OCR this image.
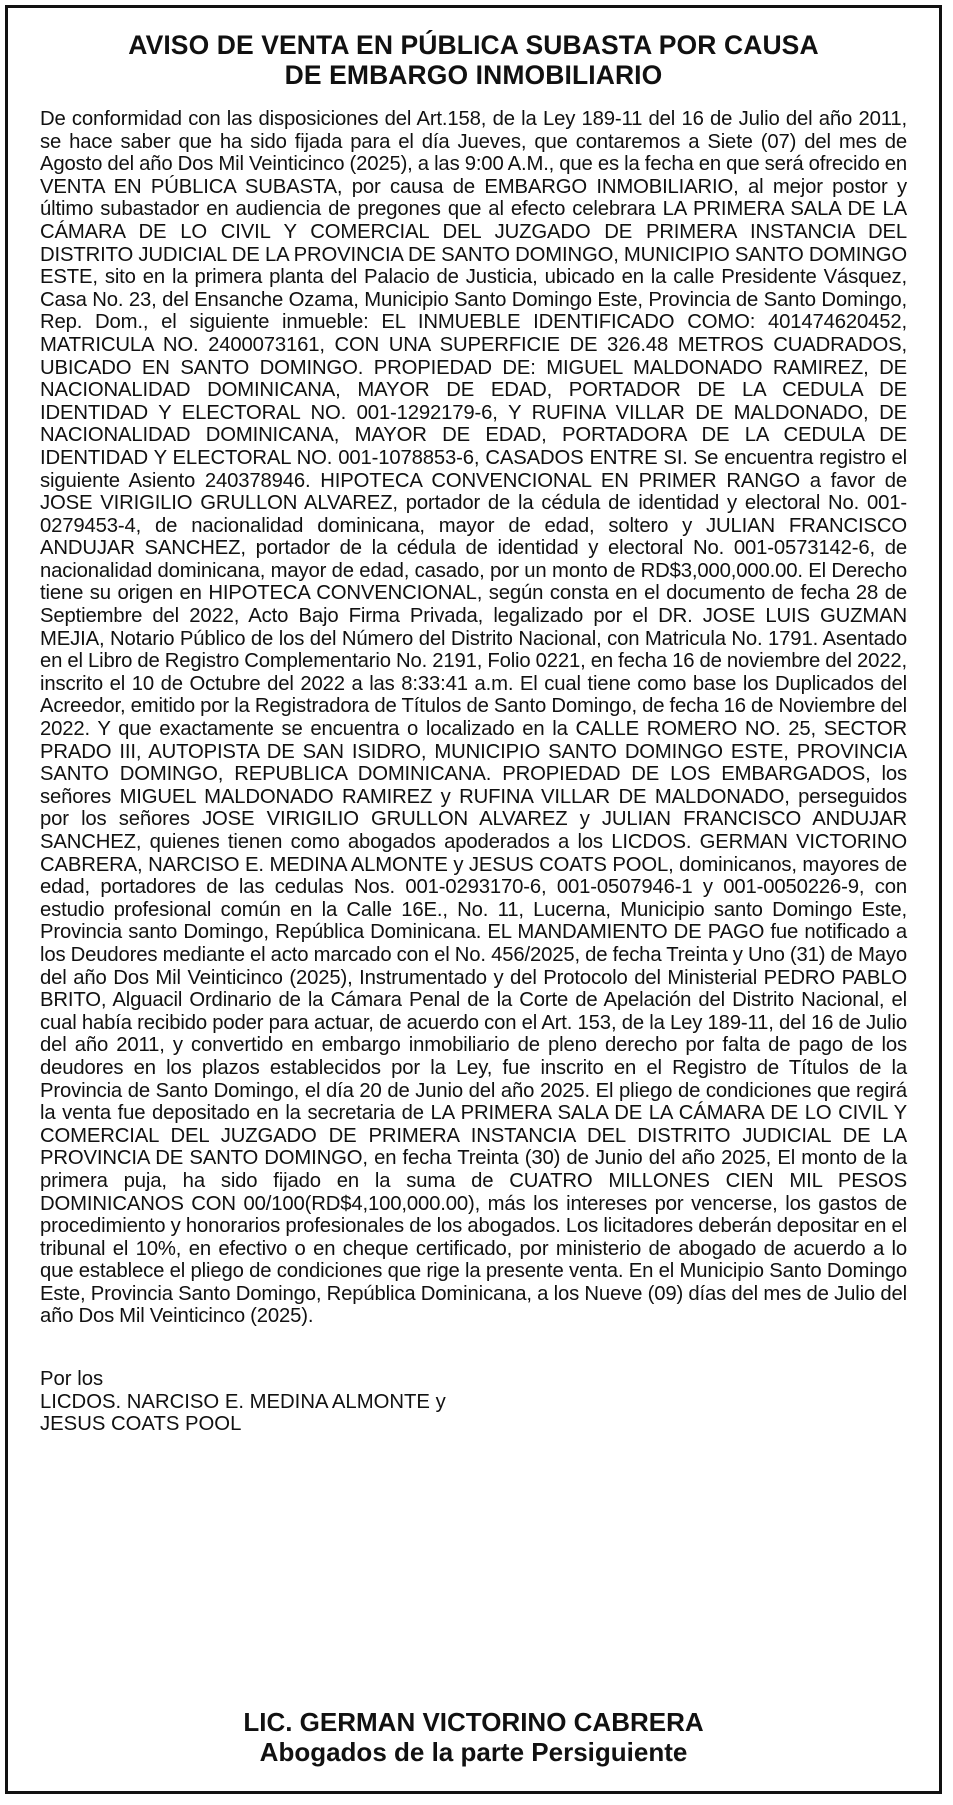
AVISO DE VENTA EN PÚBLICA SUBASTA POR CAUSA
DE EMBARGO INMOBILIARIO

De conformidad con las disposiciones del Art.158, de la Ley 189-11 del 16 de Julio del año 2011, se hace saber que ha sido fijada para el día Jueves, que contaremos a Siete (07) del mes de Agosto del año Dos Mil Veinticinco (2025), a las 9:00 A.M., que es la fecha en que será ofrecido en VENTA EN PÚBLICA SUBASTA, por causa de EMBARGO INMOBILIARIO, al mejor postor y último subastador en audiencia de pregones que al efecto celebrara LA PRIMERA SALA DE LA CÁMARA DE LO CIVIL Y COMERCIAL DEL JUZGADO DE PRIMERA INSTANCIA DEL DISTRITO JUDICIAL DE LA PROVINCIA DE SANTO DOMINGO, MUNICIPIO SANTO DOMINGO ESTE, sito en la primera planta del Palacio de Justicia, ubicado en la calle Presidente Vásquez, Casa No. 23, del Ensanche Ozama, Municipio Santo Domingo Este, Provincia de Santo Domingo, Rep. Dom., el siguiente inmueble: EL INMUEBLE IDENTIFICADO COMO: 401474620452, MATRICULA NO. 2400073161, CON UNA SUPERFICIE DE 326.48 METROS CUADRADOS, UBICADO EN SANTO DOMINGO. PROPIEDAD DE: MIGUEL MALDONADO RAMIREZ, DE NACIONALIDAD DOMINICANA, MAYOR DE EDAD, PORTADOR DE LA CEDULA DE IDENTIDAD Y ELECTORAL NO. 001-1292179-6, Y RUFINA VILLAR DE MALDONADO, DE NACIONALIDAD DOMINICANA, MAYOR DE EDAD, PORTADORA DE LA CEDULA DE IDENTIDAD Y ELECTORAL NO. 001-1078853-6, CASADOS ENTRE SI. Se encuentra registro el siguiente Asiento 240378946. HIPOTECA CONVENCIONAL EN PRIMER RANGO a favor de JOSE VIRIGILIO GRULLON ALVAREZ, portador de la cédula de identidad y electoral No. 001-0279453-4, de nacionalidad dominicana, mayor de edad, soltero y JULIAN FRANCISCO ANDUJAR SANCHEZ, portador de la cédula de identidad y electoral No. 001-0573142-6, de nacionalidad dominicana, mayor de edad, casado, por un monto de RD$3,000,000.00. El Derecho tiene su origen en HIPOTECA CONVENCIONAL, según consta en el documento de fecha 28 de Septiembre del 2022, Acto Bajo Firma Privada, legalizado por el DR. JOSE LUIS GUZMAN MEJIA, Notario Público de los del Número del Distrito Nacional, con Matricula No. 1791. Asentado en el Libro de Registro Complementario No. 2191, Folio 0221, en fecha 16 de noviembre del 2022, inscrito el 10 de Octubre del 2022 a las 8:33:41 a.m. El cual tiene como base los Duplicados del Acreedor, emitido por la Registradora de Títulos de Santo Domingo, de fecha 16 de Noviembre del 2022. Y que exactamente se encuentra o localizado en la CALLE ROMERO NO. 25, SECTOR PRADO III, AUTOPISTA DE SAN ISIDRO, MUNICIPIO SANTO DOMINGO ESTE, PROVINCIA SANTO DOMINGO, REPUBLICA DOMINICANA. PROPIEDAD DE LOS EMBARGADOS, los señores MIGUEL MALDONADO RAMIREZ y RUFINA VILLAR DE MALDONADO, perseguidos por los señores JOSE VIRIGILIO GRULLON ALVAREZ y JULIAN FRANCISCO ANDUJAR SANCHEZ, quienes tienen como abogados apoderados a los LICDOS. GERMAN VICTORINO CABRERA, NARCISO E. MEDINA ALMONTE y JESUS COATS POOL, dominicanos, mayores de edad, portadores de las cedulas Nos. 001-0293170-6, 001-0507946-1 y 001-0050226-9, con estudio profesional común en la Calle 16E., No. 11, Lucerna, Municipio santo Domingo Este, Provincia santo Domingo, República Dominicana. EL MANDAMIENTO DE PAGO fue notificado a los Deudores mediante el acto marcado con el No. 456/2025, de fecha Treinta y Uno (31) de Mayo del año Dos Mil Veinticinco (2025), Instrumentado y del Protocolo del Ministerial PEDRO PABLO BRITO, Alguacil Ordinario de la Cámara Penal de la Corte de Apelación del Distrito Nacional, el cual había recibido poder para actuar, de acuerdo con el Art. 153, de la Ley 189-11, del 16 de Julio del año 2011, y convertido en embargo inmobiliario de pleno derecho por falta de pago de los deudores en los plazos establecidos por la Ley, fue inscrito en el Registro de Títulos de la Provincia de Santo Domingo, el día 20 de Junio del año 2025. El pliego de condiciones que regirá la venta fue depositado en la secretaria de LA PRIMERA SALA DE LA CÁMARA DE LO CIVIL Y COMERCIAL DEL JUZGADO DE PRIMERA INSTANCIA DEL DISTRITO JUDICIAL DE LA PROVINCIA DE SANTO DOMINGO, en fecha Treinta (30) de Junio del año 2025, El monto de la primera puja, ha sido fijado en la suma de CUATRO MILLONES CIEN MIL PESOS DOMINICANOS CON 00/100(RD$4,100,000.00), más los intereses por vencerse, los gastos de procedimiento y honorarios profesionales de los abogados. Los licitadores deberán depositar en el tribunal el 10%, en efectivo o en cheque certificado, por ministerio de abogado de acuerdo a lo que establece el pliego de condiciones que rige la presente venta. En el Municipio Santo Domingo Este, Provincia Santo Domingo, República Dominicana, a los Nueve (09) días del mes de Julio del año Dos Mil Veinticinco (2025).

Por los
LICDOS. NARCISO E. MEDINA ALMONTE y
JESUS COATS POOL
LIC. GERMAN VICTORINO CABRERA
Abogados de la parte Persiguiente
